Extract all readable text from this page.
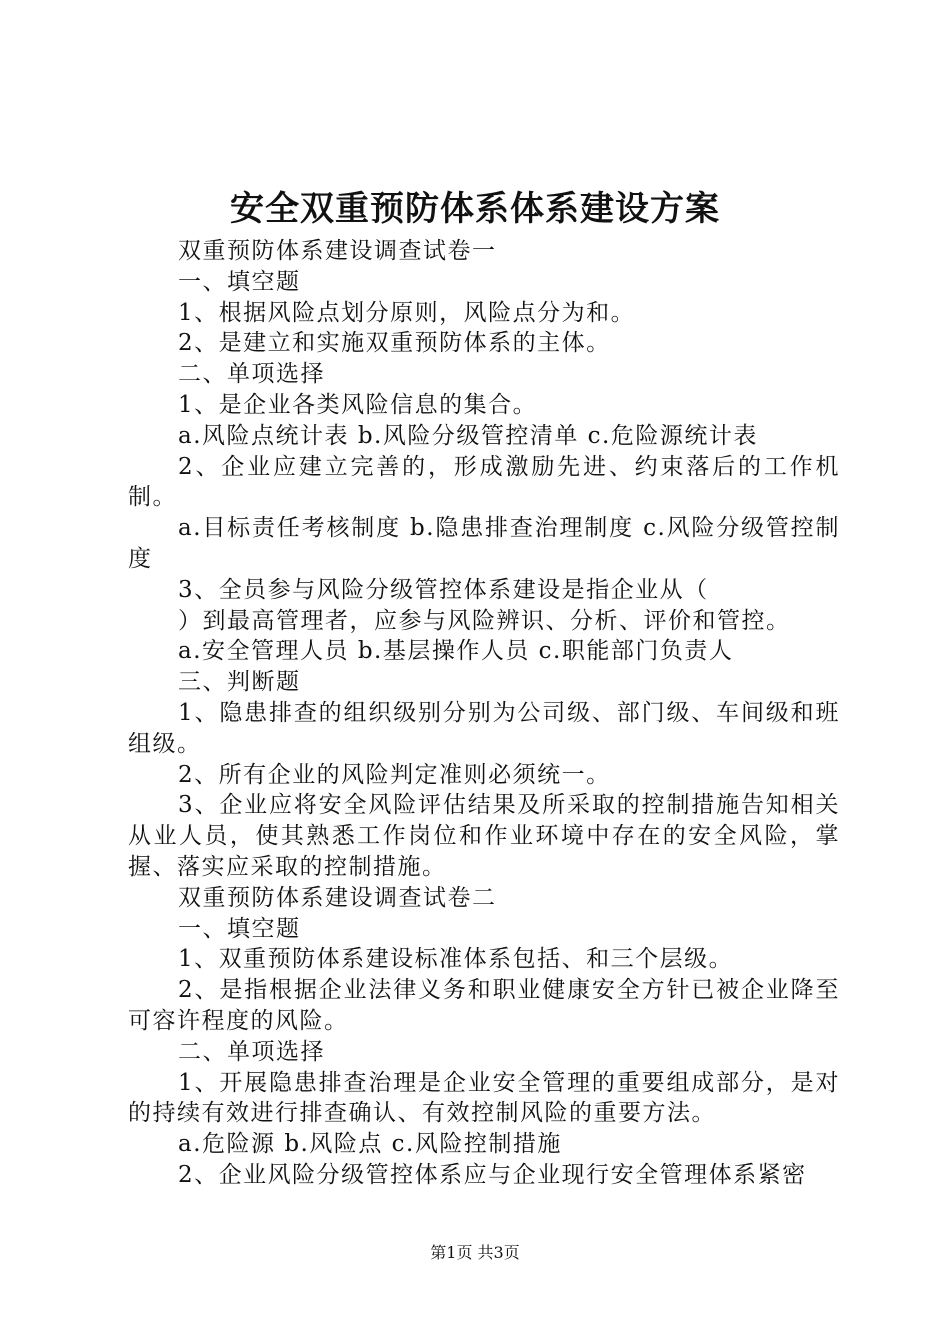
安全双重预防体系体系建设方案

双重预防体系建设调查试卷一

一、填空题

1、根据风险点划分原则，风险点分为和。

2、是建立和实施双重预防体系的主体。

二、单项选择

1、是企业各类风险信息的集合。

a.风险点统计表 b.风险分级管控清单 c.危险源统计表

2、企业应建立完善的，形成激励先进、约束落后的工作机制。

a.目标责任考核制度 b.隐患排查治理制度 c.风险分级管控制度

3、全员参与风险分级管控体系建设是指企业从（

）到最高管理者，应参与风险辨识、分析、评价和管控。

a.安全管理人员 b.基层操作人员 c.职能部门负责人

三、判断题

1、隐患排查的组织级别分别为公司级、部门级、车间级和班组级。

2、所有企业的风险判定准则必须统一。

3、企业应将安全风险评估结果及所采取的控制措施告知相关从业人员，使其熟悉工作岗位和作业环境中存在的安全风险，掌握、落实应采取的控制措施。

双重预防体系建设调查试卷二

一、填空题

1、双重预防体系建设标准体系包括、和三个层级。

2、是指根据企业法律义务和职业健康安全方针已被企业降至可容许程度的风险。

二、单项选择

1、开展隐患排查治理是企业安全管理的重要组成部分，是对的持续有效进行排查确认、有效控制风险的重要方法。

a.危险源 b.风险点 c.风险控制措施

2、企业风险分级管控体系应与企业现行安全管理体系紧密

第1页 共3页
